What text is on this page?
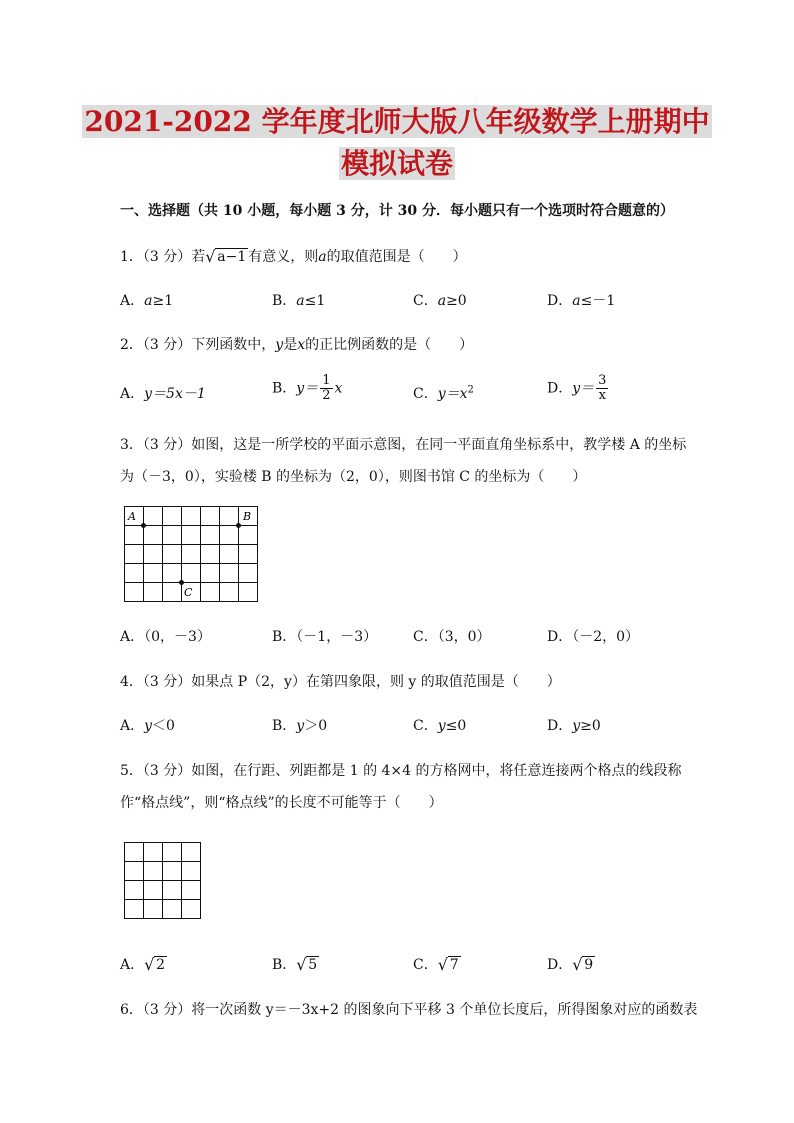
2021-2022 学年度北师大版八年级数学上册期中
模拟试卷
一、选择题（共 10 小题，每小题 3 分，计 30 分．每小题只有一个选项时符合题意的）
1．（3 分）若 √ a−1 有意义，则a的取值范围是（　　）
A．a≥1	B．a≤1	C．a≥0	D．a≤－1
2．（3 分）下列函数中，y是x的正比例函数的是（　　）
A．y＝5x－1	B．$y= \frac{1}{2}$ x	C．$y=x^2$	D．$y= \frac{3}{x}$
3．（3 分）如图，这是一所学校的平面示意图，在同一平面直角坐标系中，教学楼 A 的坐标
为（－3，0），实验楼 B 的坐标为（2，0），则图书馆 C 的坐标为（　　）
A	B
C
A．（0，－3）	B．（－1，－3）	C．（3，0）	D．（－2，0）
4．（3 分）如果点 P（2，y）在第四象限，则 y 的取值范围是（　　）
A．y＜0	B．y＞0	C．y≤0	D．y≥0
5．（3 分）如图，在行距、列距都是 1 的 4×4 的方格网中，将任意连接两个格点的线段称
作“格点线”，则“格点线”的长度不可能等于（　　）
A． √ 2	B． √ 5	C． √ 7	D． √ 9
6．（3 分）将一次函数 y＝－3x+2 的图象向下平移 3 个单位长度后，所得图象对应的函数表
